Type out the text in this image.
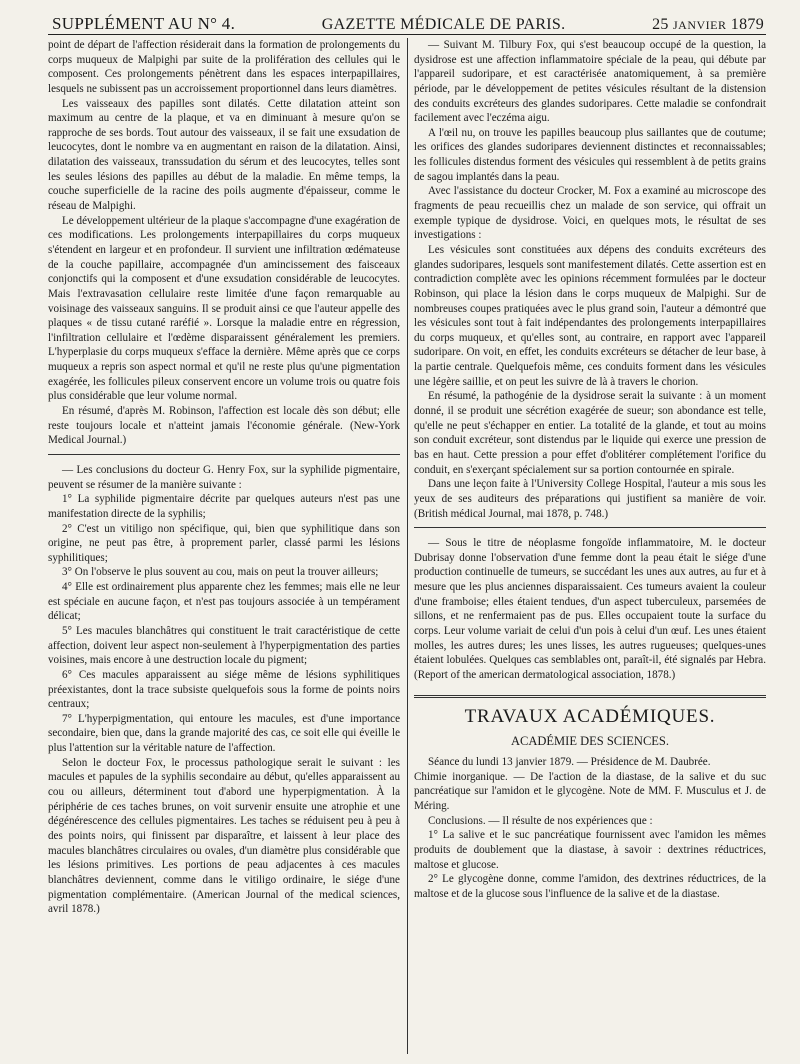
SUPPLÉMENT AU N° 4.	GAZETTE MÉDICALE DE PARIS.	25 JANVIER 1879

point de départ de l'affection résiderait dans la formation de prolongements du corps muqueux de Malpighi par suite de la prolifération des cellules qui le composent. Ces prolongements pénètrent dans les espaces interpapillaires, lesquels ne subissent pas un accroissement proportionnel dans leurs diamètres.

Les vaisseaux des papilles sont dilatés. Cette dilatation atteint son maximum au centre de la plaque, et va en diminuant à mesure qu'on se rapproche de ses bords. Tout autour des vaisseaux, il se fait une exsudation de leucocytes, dont le nombre va en augmentant en raison de la dilatation. Ainsi, dilatation des vaisseaux, transsudation du sérum et des leucocytes, telles sont les seules lésions des papilles au début de la maladie. En même temps, la couche superficielle de la racine des poils augmente d'épaisseur, comme le réseau de Malpighi.

Le développement ultérieur de la plaque s'accompagne d'une exagération de ces modifications. Les prolongements interpapillaires du corps muqueux s'étendent en largeur et en profondeur. Il survient une infiltration œdémateuse de la couche papillaire, accompagnée d'un amincissement des faisceaux conjonctifs qui la composent et d'une exsudation considérable de leucocytes. Mais l'extravasation cellulaire reste limitée d'une façon remarquable au voisinage des vaisseaux sanguins. Il se produit ainsi ce que l'auteur appelle des plaques « de tissu cutané raréfié ». Lorsque la maladie entre en régression, l'infiltration cellulaire et l'œdème disparaissent généralement les premiers. L'hyperplasie du corps muqueux s'efface la dernière. Même après que ce corps muqueux a repris son aspect normal et qu'il ne reste plus qu'une pigmentation exagérée, les follicules pileux conservent encore un volume trois ou quatre fois plus considérable que leur volume normal.

En résumé, d'après M. Robinson, l'affection est locale dès son début; elle reste toujours locale et n'atteint jamais l'économie générale. (New-York Medical Journal.)

— Les conclusions du docteur G. Henry Fox, sur la syphilide pigmentaire, peuvent se résumer de la manière suivante :

1° La syphilide pigmentaire décrite par quelques auteurs n'est pas une manifestation directe de la syphilis;

2° C'est un vitiligo non spécifique, qui, bien que syphilitique dans son origine, ne peut pas être, à proprement parler, classé parmi les lésions syphilitiques;

3° On l'observe le plus souvent au cou, mais on peut la trouver ailleurs;

4° Elle est ordinairement plus apparente chez les femmes; mais elle ne leur est spéciale en aucune façon, et n'est pas toujours associée à un tempérament délicat;

5° Les macules blanchâtres qui constituent le trait caractéristique de cette affection, doivent leur aspect non-seulement à l'hyperpigmentation des parties voisines, mais encore à une destruction locale du pigment;

6° Ces macules apparaissent au siége même de lésions syphilitiques préexistantes, dont la trace subsiste quelquefois sous la forme de points noirs centraux;

7° L'hyperpigmentation, qui entoure les macules, est d'une importance secondaire, bien que, dans la grande majorité des cas, ce soit elle qui éveille le plus l'attention sur la véritable nature de l'affection.

Selon le docteur Fox, le processus pathologique serait le suivant : les macules et papules de la syphilis secondaire au début, qu'elles apparaissent au cou ou ailleurs, déterminent tout d'abord une hyperpigmentation. À la périphérie de ces taches brunes, on voit survenir ensuite une atrophie et une dégénérescence des cellules pigmentaires. Les taches se réduisent peu à peu à des points noirs, qui finissent par disparaître, et laissent à leur place des macules blanchâtres circulaires ou ovales, d'un diamètre plus considérable que les lésions primitives. Les portions de peau adjacentes à ces macules blanchâtres deviennent, comme dans le vitiligo ordinaire, le siége d'une pigmentation complémentaire. (American Journal of the medical sciences, avril 1878.)

— Suivant M. Tilbury Fox, qui s'est beaucoup occupé de la question, la dysidrose est une affection inflammatoire spéciale de la peau, qui débute par l'appareil sudoripare, et est caractérisée anatomiquement, à sa première période, par le développement de petites vésicules résultant de la distension des conduits excréteurs des glandes sudoripares. Cette maladie se confondrait facilement avec l'eczéma aigu.

A l'œil nu, on trouve les papilles beaucoup plus saillantes que de coutume; les orifices des glandes sudoripares deviennent distinctes et reconnaissables; les follicules distendus forment des vésicules qui ressemblent à de petits grains de sagou implantés dans la peau.

Avec l'assistance du docteur Crocker, M. Fox a examiné au microscope des fragments de peau recueillis chez un malade de son service, qui offrait un exemple typique de dysidrose. Voici, en quelques mots, le résultat de ses investigations :

Les vésicules sont constituées aux dépens des conduits excréteurs des glandes sudoripares, lesquels sont manifestement dilatés. Cette assertion est en contradiction complète avec les opinions récemment formulées par le docteur Robinson, qui place la lésion dans le corps muqueux de Malpighi. Sur de nombreuses coupes pratiquées avec le plus grand soin, l'auteur a démontré que les vésicules sont tout à fait indépendantes des prolongements interpapillaires du corps muqueux, et qu'elles sont, au contraire, en rapport avec l'appareil sudoripare. On voit, en effet, les conduits excréteurs se détacher de leur base, à la partie centrale. Quelquefois même, ces conduits forment dans les vésicules une légère saillie, et on peut les suivre de là à travers le chorion.

En résumé, la pathogénie de la dysidrose serait la suivante : à un moment donné, il se produit une sécrétion exagérée de sueur; son abondance est telle, qu'elle ne peut s'échapper en entier. La totalité de la glande, et tout au moins son conduit excréteur, sont distendus par le liquide qui exerce une pression de bas en haut. Cette pression a pour effet d'oblitérer complétement l'orifice du conduit, en s'exerçant spécialement sur sa portion contournée en spirale.

Dans une leçon faite à l'University College Hospital, l'auteur a mis sous les yeux de ses auditeurs des préparations qui justifient sa manière de voir. (British médical Journal, mai 1878, p. 748.)

— Sous le titre de néoplasme fongoïde inflammatoire, M. le docteur Dubrisay donne l'observation d'une femme dont la peau était le siége d'une production continuelle de tumeurs, se succédant les unes aux autres, au fur et à mesure que les plus anciennes disparaissaient. Ces tumeurs avaient la couleur d'une framboise; elles étaient tendues, d'un aspect tuberculeux, parsemées de sillons, et ne renfermaient pas de pus. Elles occupaient toute la surface du corps. Leur volume variait de celui d'un pois à celui d'un œuf. Les unes étaient molles, les autres dures; les unes lisses, les autres rugueuses; quelques-unes étaient lobulées. Quelques cas semblables ont, paraît-il, été signalés par Hebra. (Report of the american dermatological association, 1878.)

TRAVAUX ACADÉMIQUES.

ACADÉMIE DES SCIENCES.

Séance du lundi 13 janvier 1879. — Présidence de M. Daubrée.

Chimie inorganique. — De l'action de la diastase, de la salive et du suc pancréatique sur l'amidon et le glycogène. Note de MM. F. Musculus et J. de Méring.

Conclusions. — Il résulte de nos expériences que :

1° La salive et le suc pancréatique fournissent avec l'amidon les mêmes produits de doublement que la diastase, à savoir : dextrines réductrices, maltose et glucose.

2° Le glycogène donne, comme l'amidon, des dextrines réductrices, de la maltose et de la glucose sous l'influence de la salive et de la diastase.
